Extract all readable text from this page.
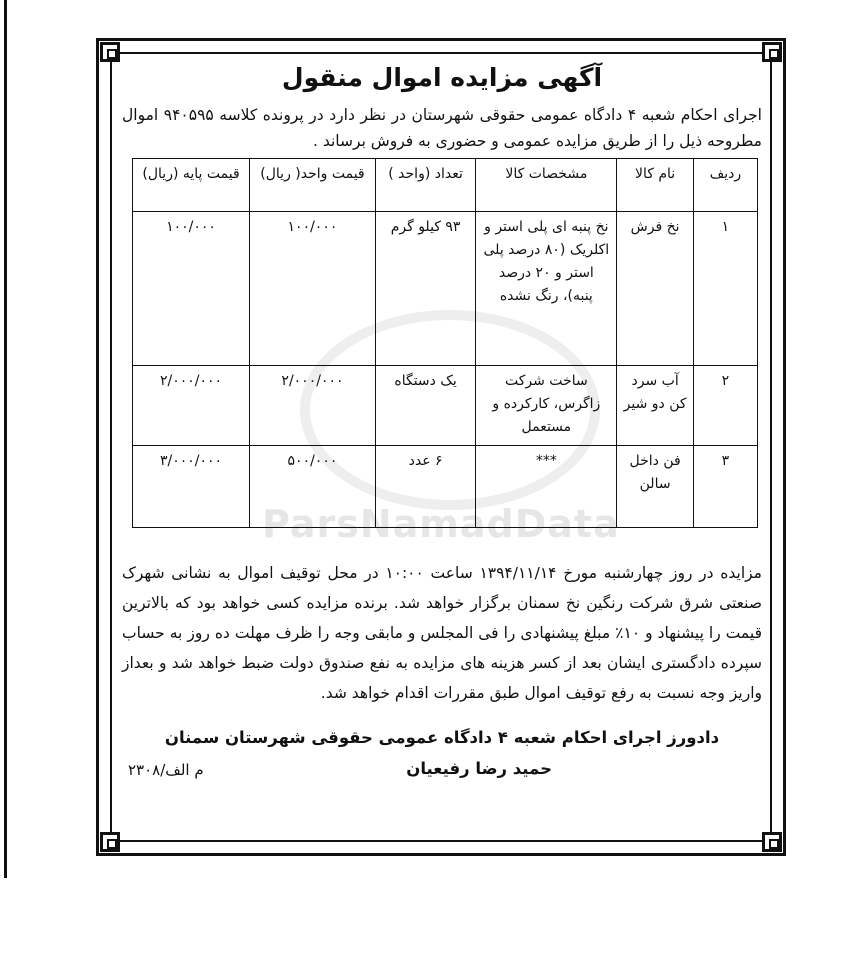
ParsNamadData
آگهی مزایده اموال منقول

اجرای احکام شعبه ۴ دادگاه عمومی حقوقی شهرستان در نظر دارد در پرونده کلاسه ۹۴۰۵۹۵ اموال مطروحه ذیل را از طریق مزایده عمومی و حضوری به فروش برساند .

ردیف	نام کالا	مشخصات کالا	تعداد (واحد )	قیمت واحد( ریال)	قیمت پایه (ریال)
۱	نخ فرش	نخ پنبه ای پلی استر و اکلریک (۸۰ درصد پلی استر و ۲۰ درصد پنبه)، رنگ نشده	۹۳ کیلو گرم	۱۰۰/۰۰۰	۱۰۰/۰۰۰
۲	آب سرد کن دو شیر	ساخت شرکت زاگرس، کارکرده و مستعمل	یک دستگاه	۲/۰۰۰/۰۰۰	۲/۰۰۰/۰۰۰
۳	فن داخل سالن	***	۶ عدد	۵۰۰/۰۰۰	۳/۰۰۰/۰۰۰

مزایده در روز چهارشنبه مورخ ۱۳۹۴/۱۱/۱۴ ساعت ۱۰:۰۰ در محل توقیف اموال به نشانی شهرک صنعتی شرق شرکت رنگین نخ سمنان برگزار خواهد شد. برنده مزایده کسی خواهد بود که بالاترین قیمت را پیشنهاد و ۱۰٪ مبلغ پیشنهادی را فی المجلس و مابقی وجه را ظرف مهلت ده روز به حساب سپرده دادگستری ایشان بعد از کسر هزینه های مزایده به نفع صندوق دولت ضبط خواهد شد و بعداز واریز وجه نسبت به رفع توقیف اموال طبق مقررات اقدام خواهد شد.

دادورز اجرای احکام شعبه ۴ دادگاه عمومی حقوقی شهرستان سمنان
حمید رضا رفیعیان
م الف/۲۳۰۸
